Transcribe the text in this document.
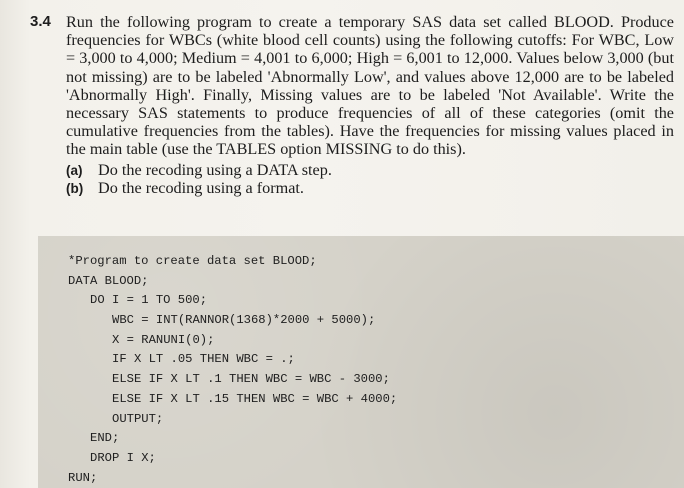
3.4 Run the following program to create a temporary SAS data set called BLOOD. Produce frequencies for WBCs (white blood cell counts) using the following cutoffs: For WBC, Low = 3,000 to 4,000; Medium = 4,001 to 6,000; High = 6,001 to 12,000. Values below 3,000 (but not missing) are to be labeled 'Abnormally Low', and values above 12,000 are to be labeled 'Abnormally High'. Finally, Missing values are to be labeled 'Not Available'. Write the necessary SAS statements to produce frequencies of all of these categories (omit the cumulative frequencies from the tables). Have the frequencies for missing values placed in the main table (use the TABLES option MISSING to do this).
(a) Do the recoding using a DATA step.
(b) Do the recoding using a format.
*Program to create data set BLOOD;
DATA BLOOD;
DO I = 1 TO 500;
WBC = INT(RANNOR(1368)*2000 + 5000);
X = RANUNI(0);
IF X LT .05 THEN WBC = .;
ELSE IF X LT .1 THEN WBC = WBC - 3000;
ELSE IF X LT .15 THEN WBC = WBC + 4000;
OUTPUT;
END;
DROP I X;
RUN;
